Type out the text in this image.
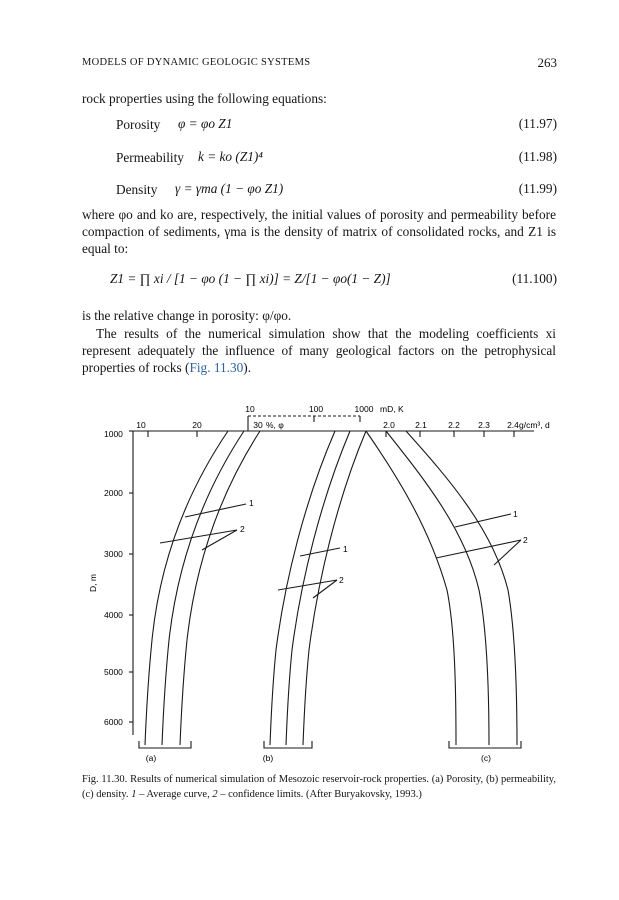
MODELS OF DYNAMIC GEOLOGIC SYSTEMS	263
rock properties using the following equations:
Porosity φ = φo Z1	(11.97)
Permeability k = ko (Z1)⁴	(11.98)
Density γ = γma (1 − φo Z1)	(11.99)
where φo and ko are, respectively, the initial values of porosity and permeability before compaction of sediments, γma is the density of matrix of consolidated rocks, and Z1 is equal to:
Z1 = ∏ xi / [1 − φo (1 − ∏ xi)] = Z/[1 − φo(1 − Z)]	(11.100)
is the relative change in porosity: φ/φo.
The results of the numerical simulation show that the modeling coefficients xi represent adequately the influence of many geological factors on the petrophysical properties of rocks (Fig. 11.30).
10	100	1000 mD, K
10	20	30 %, φ	2.0 2.1 2.2 2.3 2.4 g/cm³, d
1000
2000
3000
4000
5000
6000
D, m
1
2
1
2
1
2
(a)	(b)	(c)
Fig. 11.30. Results of numerical simulation of Mesozoic reservoir-rock properties. (a) Porosity, (b) permeability, (c) density. 1 – Average curve, 2 – confidence limits. (After Buryakovsky, 1993.)
